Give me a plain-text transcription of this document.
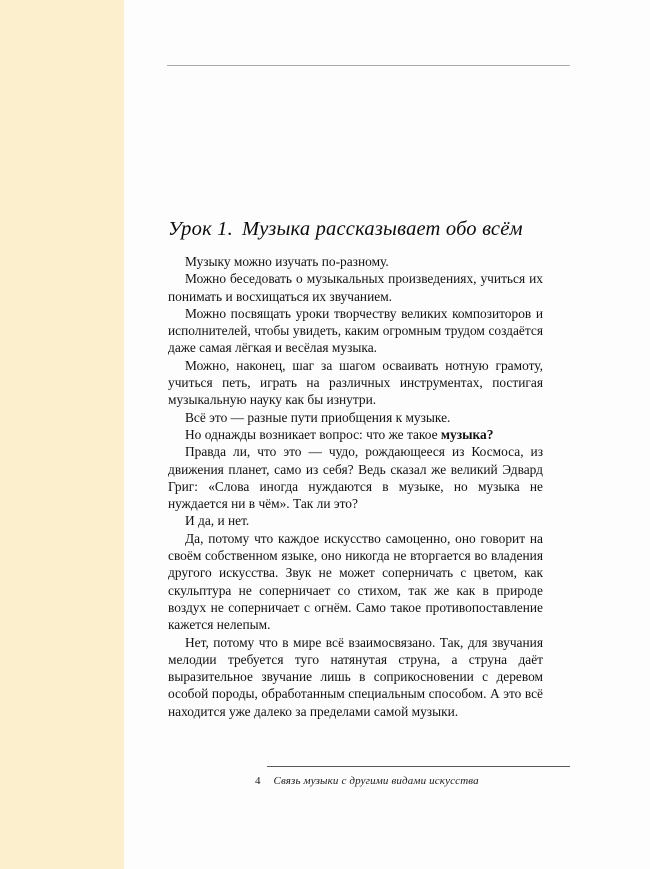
Урок 1. Музыка рассказывает обо всём

Музыку можно изучать по-разному.

Можно беседовать о музыкальных произведениях, учиться их понимать и восхищаться их звучанием.

Можно посвящать уроки творчеству великих композиторов и исполнителей, чтобы увидеть, каким огромным трудом создаётся даже самая лёгкая и весёлая музыка.

Можно, наконец, шаг за шагом осваивать нотную грамоту, учиться петь, играть на различных инструментах, постигая музыкальную науку как бы изнутри.

Всё это — разные пути приобщения к музыке.

Но однажды возникает вопрос: что же такое музыка?

Правда ли, что это — чудо, рождающееся из Космоса, из движения планет, само из себя? Ведь сказал же великий Эдвард Григ: «Слова иногда нуждаются в музыке, но музыка не нуждается ни в чём». Так ли это?

И да, и нет.

Да, потому что каждое искусство самоценно, оно говорит на своём собственном языке, оно никогда не вторгается во владения другого искусства. Звук не может соперничать с цветом, как скульптура не соперничает со стихом, так же как в природе воздух не соперничает с огнём. Само такое противопоставление кажется нелепым.

Нет, потому что в мире всё взаимосвязано. Так, для звучания мелодии требуется туго натянутая струна, а струна даёт выразительное звучание лишь в соприкосновении с деревом особой породы, обработанным специальным способом. А это всё находится уже далеко за пределами самой музыки.

4 Связь музыки с другими видами искусства
